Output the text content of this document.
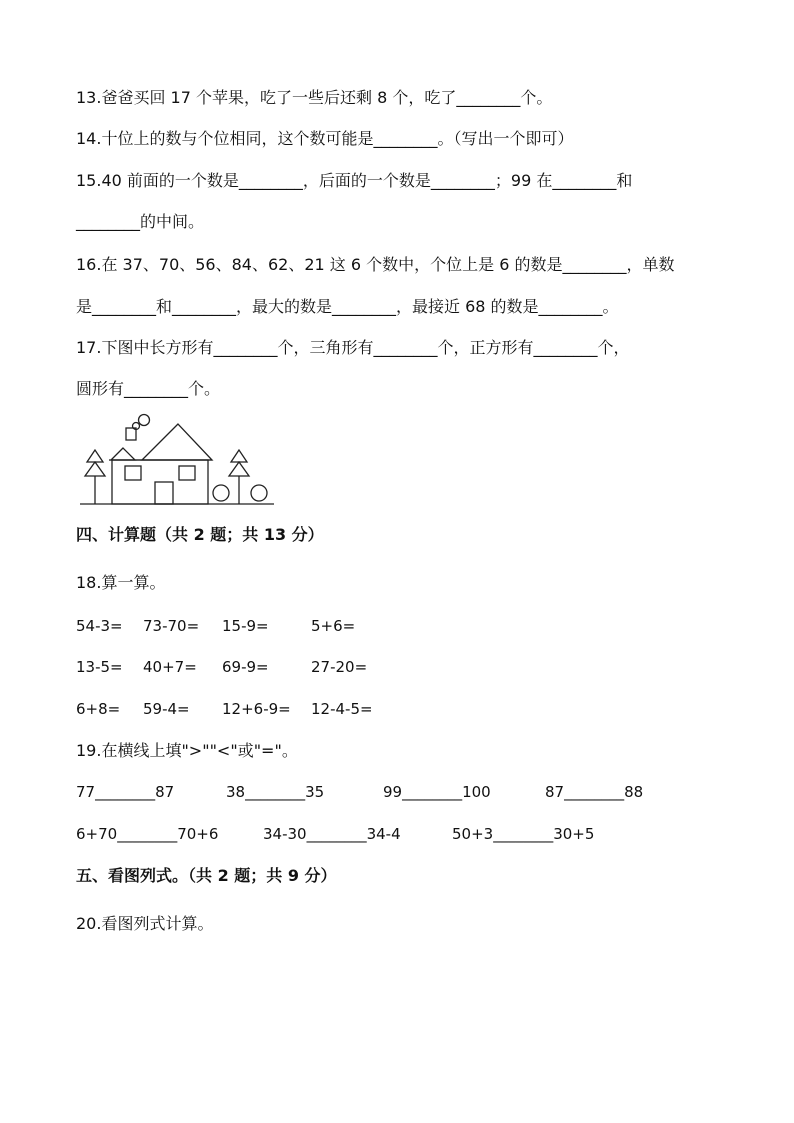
13.爸爸买回 17 个苹果，吃了一些后还剩 8 个，吃了________个。
14.十位上的数与个位相同，这个数可能是________。（写出一个即可）
15.40 前面的一个数是________，后面的一个数是________；99 在________和
________的中间。
16.在 37、70、56、84、62、21 这 6 个数中，个位上是 6 的数是________，单数
是________和________，最大的数是________，最接近 68 的数是________。
17.下图中长方形有________个，三角形有________个，正方形有________个，
圆形有________个。
四、计算题（共 2 题；共 13 分）
18.算一算。
54-3= 73-70= 15-9=	5+6=
13-5= 40+7= 69-9=	27-20=
6+8= 59-4= 12+6-9= 12-4-5=
19.在横线上填">""<"或"="。
77________87	38________35	99________100	87________88
6+70________70+6	34-30________34-4	50+3________30+5
五、看图列式。（共 2 题；共 9 分）
20.看图列式计算。
